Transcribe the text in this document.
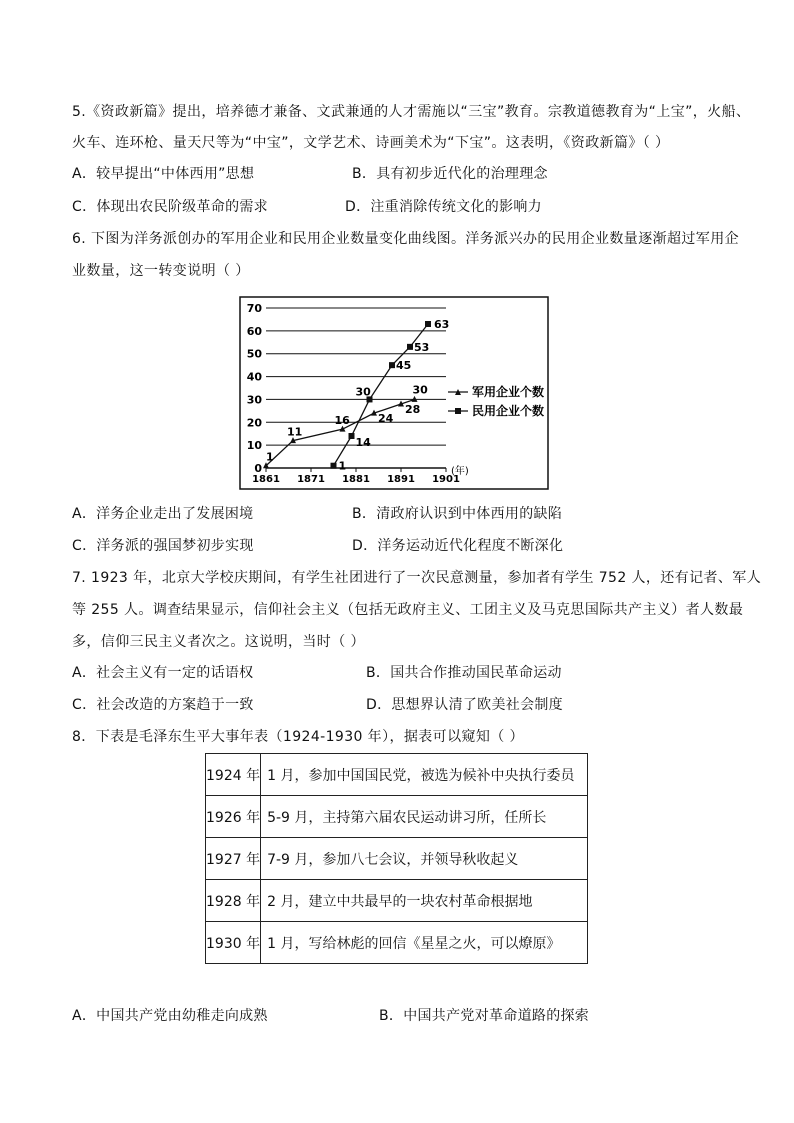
5.《资政新篇》提出，培养德才兼备、文武兼通的人才需施以“三宝”教育。宗教道德教育为“上宝”，火船、
火车、连环枪、量天尺等为“中宝”，文学艺术、诗画美术为“下宝”。这表明，《资政新篇》（ ）
A．较早提出“中体西用”思想	B．具有初步近代化的治理理念
C．体现出农民阶级革命的需求	D．注重消除传统文化的影响力
6. 下图为洋务派创办的军用企业和民用企业数量变化曲线图。洋务派兴办的民用企业数量逐渐超过军用企
业数量，这一转变说明（ ）
0
10
20
30
40
50
60
70
1861 1871 1881 1891 1901
1
11
16	24
28
30
1
14
30
45
53
63
(年)
军用企业个数
民用企业个数
A．洋务企业走出了发展困境	B．清政府认识到中体西用的缺陷
C．洋务派的强国梦初步实现	D．洋务运动近代化程度不断深化
7. 1923 年，北京大学校庆期间，有学生社团进行了一次民意测量，参加者有学生 752 人，还有记者、军人
等 255 人。调查结果显示，信仰社会主义（包括无政府主义、工团主义及马克思国际共产主义）者人数最
多，信仰三民主义者次之。这说明，当时（ ）
A．社会主义有一定的话语权	B．国共合作推动国民革命运动
C．社会改造的方案趋于一致	D．思想界认清了欧美社会制度
8．下表是毛泽东生平大事年表（1924-1930 年），据表可以窥知（ ）
1924 年	1 月，参加中国国民党，被选为候补中央执行委员
1926 年	5-9 月，主持第六届农民运动讲习所，任所长
1927 年	7-9 月，参加八七会议，并领导秋收起义
1928 年	2 月，建立中共最早的一块农村革命根据地
1930 年	1 月，写给林彪的回信《星星之火，可以燎原》
A．中国共产党由幼稚走向成熟	B．中国共产党对革命道路的探索
